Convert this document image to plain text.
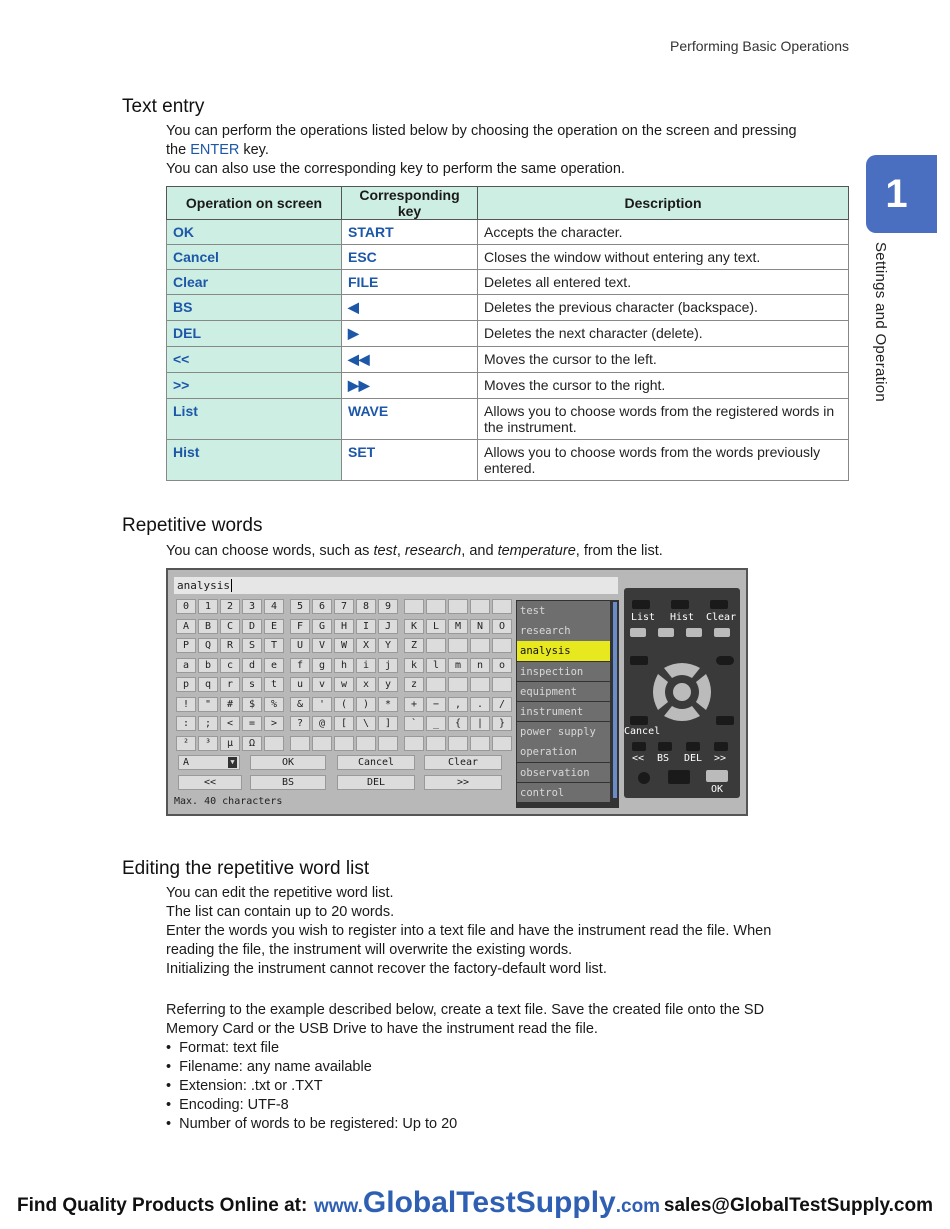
Performing Basic Operations
1
Settings and Operation
Text entry
You can perform the operations listed below by choosing the operation on the screen and pressing
the ENTER key.
You can also use the corresponding key to perform the same operation.
Operation on screen	Corresponding key	Description
OK	START	Accepts the character.
Cancel	ESC	Closes the window without entering any text.
Clear	FILE	Deletes all entered text.
BS	◀	Deletes the previous character (backspace).
DEL	▶	Deletes the next character (delete).
<<	◀◀	Moves the cursor to the left.
>>	▶▶	Moves the cursor to the right.
List	WAVE	Allows you to choose words from the registered words in the instrument.
Hist	SET	Allows you to choose words from the words previously entered.
Repetitive words
You can choose words, such as test, research, and temperature, from the list.
analysis
0	1	2	3	4	5	6	7	8	9
A	B	C	D	E	F	G	H	I	J	K	L	M	N	O
P	Q	R	S	T	U	V	W	X	Y	Z
a	b	c	d	e	f	g	h	i	j	k	l	m	n	o
p	q	r	s	t	u	v	w	x	y	z
!	"	#	$	%	&	'	(	)	*	+	−	,	.	/
:	;	<	=	>	?	@	[	\	]	`	_	{	|	}
²	³	μ	Ω
A	▼	OK	Cancel	Clear
<<	BS	DEL	>>
Max. 40 characters
test
research
analysis
inspection
equipment
instrument
power supply
operation
observation
control
List Hist Clear
Cancel
<< BS DEL >>
OK
Editing the repetitive word list
You can edit the repetitive word list.
The list can contain up to 20 words.
Enter the words you wish to register into a text file and have the instrument read the file. When
reading the file, the instrument will overwrite the existing words.
Initializing the instrument cannot recover the factory-default word list.
Referring to the example described below, create a text file. Save the created file onto the SD
Memory Card or the USB Drive to have the instrument read the file.
•  Format: text file
•  Filename: any name available
•  Extension: .txt or .TXT
•  Encoding: UTF-8
•  Number of words to be registered: Up to 20
Find Quality Products Online at: www.GlobalTestSupply.com sales@GlobalTestSupply.com
